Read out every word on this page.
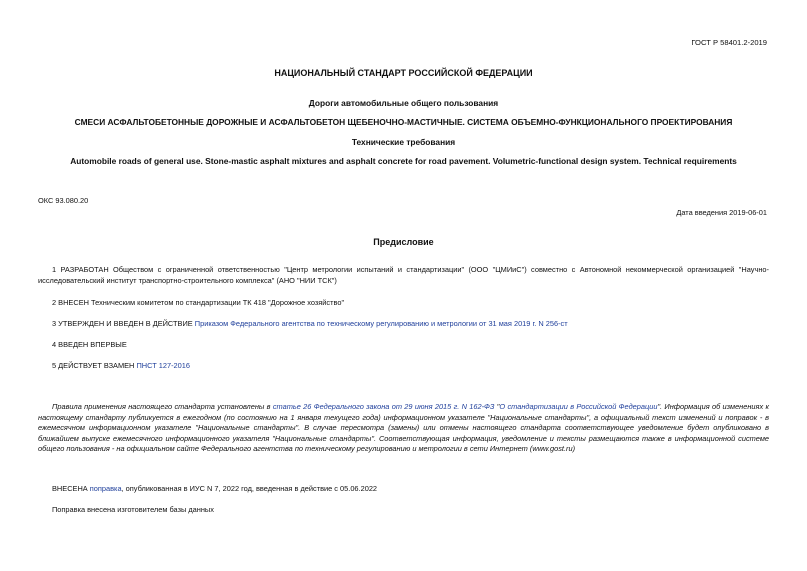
ГОСТ Р 58401.2-2019
НАЦИОНАЛЬНЫЙ СТАНДАРТ РОССИЙСКОЙ ФЕДЕРАЦИИ
Дороги автомобильные общего пользования
СМЕСИ АСФАЛЬТОБЕТОННЫЕ ДОРОЖНЫЕ И АСФАЛЬТОБЕТОН ЩЕБЕНОЧНО-МАСТИЧНЫЕ. СИСТЕМА ОБЪЕМНО-ФУНКЦИОНАЛЬНОГО ПРОЕКТИРОВАНИЯ
Технические требования
Automobile roads of general use. Stone-mastic asphalt mixtures and asphalt concrete for road pavement. Volumetric-functional design system. Technical requirements
ОКС 93.080.20
Дата введения 2019-06-01
Предисловие
1 РАЗРАБОТАН Обществом с ограниченной ответственностью "Центр метрологии испытаний и стандартизации" (ООО "ЦМИиС") совместно с Автономной некоммерческой организацией "Научно-исследовательский институт транспортно-строительного комплекса" (АНО "НИИ ТСК")
2 ВНЕСЕН Техническим комитетом по стандартизации ТК 418 "Дорожное хозяйство"
3 УТВЕРЖДЕН И ВВЕДЕН В ДЕЙСТВИЕ Приказом Федерального агентства по техническому регулированию и метрологии от 31 мая 2019 г. N 256-ст
4 ВВЕДЕН ВПЕРВЫЕ
5 ДЕЙСТВУЕТ ВЗАМЕН ПНСТ 127-2016
Правила применения настоящего стандарта установлены в статье 26 Федерального закона от 29 июня 2015 г. N 162-ФЗ "О стандартизации в Российской Федерации". Информация об изменениях к настоящему стандарту публикуется в ежегодном (по состоянию на 1 января текущего года) информационном указателе "Национальные стандарты", а официальный текст изменений и поправок - в ежемесячном информационном указателе "Национальные стандарты". В случае пересмотра (замены) или отмены настоящего стандарта соответствующее уведомление будет опубликовано в ближайшем выпуске ежемесячного информационного указателя "Национальные стандарты". Соответствующая информация, уведомление и тексты размещаются также в информационной системе общего пользования - на официальном сайте Федерального агентства по техническому регулированию и метрологии в сети Интернет (www.gost.ru)
ВНЕСЕНА поправка, опубликованная в ИУС N 7, 2022 год, введенная в действие с 05.06.2022
Поправка внесена изготовителем базы данных
